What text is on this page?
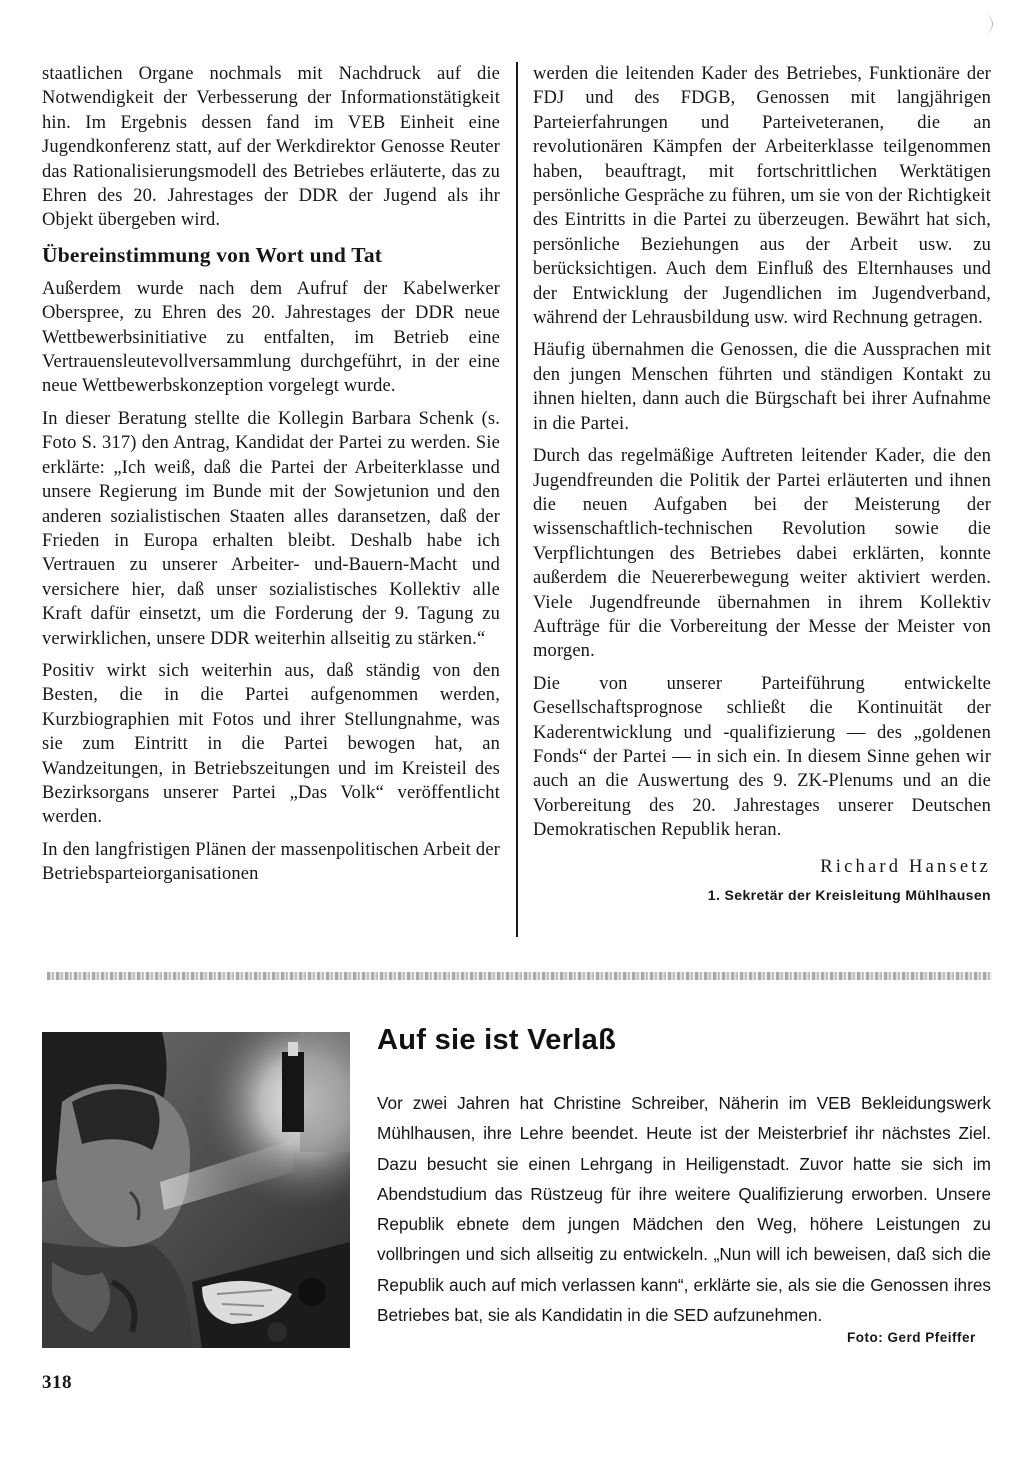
staatlichen Organe nochmals mit Nachdruck auf die Notwendigkeit der Verbesserung der Informationstätigkeit hin. Im Ergebnis dessen fand im VEB Einheit eine Jugendkonferenz statt, auf der Werkdirektor Genosse Reuter das Rationalisierungsmodell des Betriebes erläuterte, das zu Ehren des 20. Jahrestages der DDR der Jugend als ihr Objekt übergeben wird.

Übereinstimmung von Wort und Tat

Außerdem wurde nach dem Aufruf der Kabelwerker Oberspree, zu Ehren des 20. Jahrestages der DDR neue Wettbewerbsinitiative zu entfalten, im Betrieb eine Vertrauensleutevollversammlung durchgeführt, in der eine neue Wettbewerbskonzeption vorgelegt wurde.

In dieser Beratung stellte die Kollegin Barbara Schenk (s. Foto S. 317) den Antrag, Kandidat der Partei zu werden. Sie erklärte: „Ich weiß, daß die Partei der Arbeiterklasse und unsere Regierung im Bunde mit der Sowjetunion und den anderen sozialistischen Staaten alles daransetzen, daß der Frieden in Europa erhalten bleibt. Deshalb habe ich Vertrauen zu unserer Arbeiter- und-Bauern-Macht und versichere hier, daß unser sozialistisches Kollektiv alle Kraft dafür einsetzt, um die Forderung der 9. Tagung zu verwirklichen, unsere DDR weiterhin allseitig zu stärken.“

Positiv wirkt sich weiterhin aus, daß ständig von den Besten, die in die Partei aufgenommen werden, Kurzbiographien mit Fotos und ihrer Stellungnahme, was sie zum Eintritt in die Partei bewogen hat, an Wandzeitungen, in Betriebszeitungen und im Kreisteil des Bezirksorgans unserer Partei „Das Volk“ veröffentlicht werden.

In den langfristigen Plänen der massenpolitischen Arbeit der Betriebsparteiorganisationen

werden die leitenden Kader des Betriebes, Funktionäre der FDJ und des FDGB, Genossen mit langjährigen Parteierfahrungen und Parteiveteranen, die an revolutionären Kämpfen der Arbeiterklasse teilgenommen haben, beauftragt, mit fortschrittlichen Werktätigen persönliche Gespräche zu führen, um sie von der Richtigkeit des Eintritts in die Partei zu überzeugen. Bewährt hat sich, persönliche Beziehungen aus der Arbeit usw. zu berücksichtigen. Auch dem Einfluß des Elternhauses und der Entwicklung der Jugendlichen im Jugendverband, während der Lehrausbildung usw. wird Rechnung getragen.

Häufig übernahmen die Genossen, die die Aussprachen mit den jungen Menschen führten und ständigen Kontakt zu ihnen hielten, dann auch die Bürgschaft bei ihrer Aufnahme in die Partei.

Durch das regelmäßige Auftreten leitender Kader, die den Jugendfreunden die Politik der Partei erläuterten und ihnen die neuen Aufgaben bei der Meisterung der wissenschaftlich-technischen Revolution sowie die Verpflichtungen des Betriebes dabei erklärten, konnte außerdem die Neuererbewegung weiter aktiviert werden. Viele Jugendfreunde übernahmen in ihrem Kollektiv Aufträge für die Vorbereitung der Messe der Meister von morgen.

Die von unserer Parteiführung entwickelte Gesellschaftsprognose schließt die Kontinuität der Kaderentwicklung und -qualifizierung — des „goldenen Fonds“ der Partei — in sich ein. In diesem Sinne gehen wir auch an die Auswertung des 9. ZK-Plenums und an die Vorbereitung des 20. Jahrestages unserer Deutschen Demokratischen Republik heran.

Richard Hansetz

1. Sekretär der Kreisleitung Mühlhausen

Auf sie ist Verlaß

Vor zwei Jahren hat Christine Schreiber, Näherin im VEB Bekleidungswerk Mühlhausen, ihre Lehre beendet. Heute ist der Meisterbrief ihr nächstes Ziel. Dazu besucht sie einen Lehrgang in Heiligenstadt. Zuvor hatte sie sich im Abendstudium das Rüstzeug für ihre weitere Qualifizierung erworben. Unsere Republik ebnete dem jungen Mädchen den Weg, höhere Leistungen zu vollbringen und sich allseitig zu entwickeln. „Nun will ich beweisen, daß sich die Republik auch auf mich verlassen kann“, erklärte sie, als sie die Genossen ihres Betriebes bat, sie als Kandidatin in die SED aufzunehmen.

Foto: Gerd Pfeiffer

318
